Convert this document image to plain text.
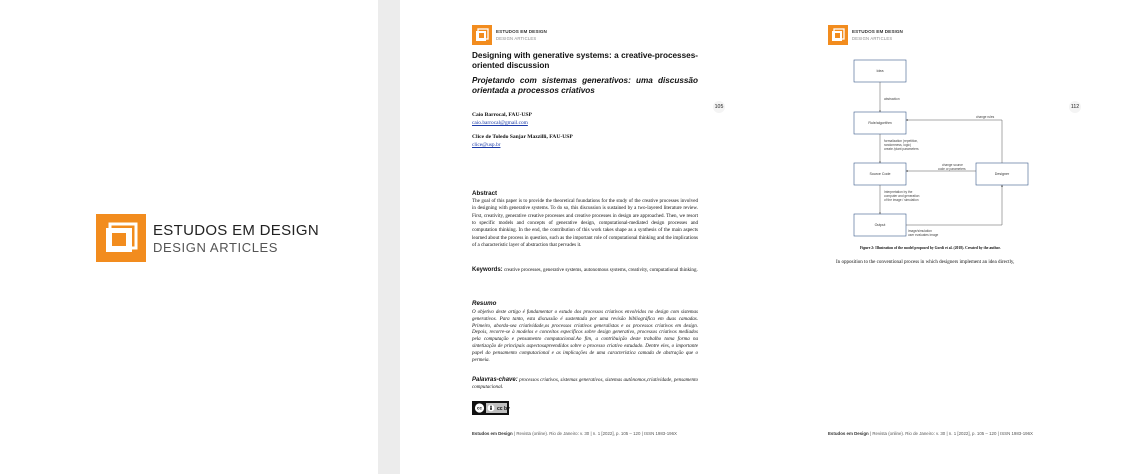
ESTUDOS EM DESIGN
DESIGN ARTICLES
ESTUDOS EM DESIGN
DESIGN ARTICLES
Designing with generative systems: a creative-processes-oriented discussion
Projetando com sistemas generativos: uma discussão orientada a processos criativos
Caio Barrocal, FAU-USP
caio.barrocal@gmail.com
Clice de Toledo Sanjar Mazzilli, FAU-USP
clice@usp.br
105
Abstract
The goal of this paper is to provide the theoretical foundations for the study of the creative processes involved in designing with generative systems. To do so, this discussion is sustained by a two-layered literature review. First, creativity, generative creative processes and creative processes in design are approached. Then, we resort to specific models and concepts of generative design, computational-mediated design processes and computation thinking. In the end, the contribution of this work takes shape as a synthesis of the main aspects learned about the process in question, such as the important role of computational thinking and the implications of a characteristic layer of abstraction that pervades it.
Keywords: creative processes, generative systems, autonomous systems, creativity, computational thinking.
Resumo
O objetivo deste artigo é fundamentar o estudo dos processos criativos envolvidos no design com sistemas generativos. Para tanto, esta discussão é sustentada por uma revisão bibliográfica em duas camadas. Primeiro, aborda-sea criatividade,os processos criativos generalistas e os processos criativos em design. Depois, recorre-se à modelos e conceitos específicos sobre design generativo, processos criativos mediados pela computação e pensamento computacional.Ao fim, a contribuição deste trabalho toma forma na sintetização de principais aspectosapreendidos sobre o processo criativo estudado. Dentre eles, o importante papel do pensamento computacional e as implicações de uma característica camada de abstração que o permeia.
Palavras-chave: processos criativos, sistemas generativos, sistemas autônomos,criatividade, pensamento computacional.
cc	cc by
Estudos em Design | Revista (online). Rio de Janeiro: v. 30 | n. 1 [2022], p. 105 – 120 | ISSN 1983-196X
ESTUDOS EM DESIGN
DESIGN ARTICLES
112
Idea
Rule/algorithm
Source Code
Output
Designer
abstraction
formalization (repetition,
randomness, logic)
create /plant parameters
Interpretation by the
computer and generation
of the image / simulation
image/simulation
user evaluates image
change rules
change source
code or parameters
Figure 2: Illustration of the model proposed by Gordi et al. (2018). Created by the author.
In opposition to the conventional process in which designers implement an idea directly,
Estudos em Design | Revista (online). Rio de Janeiro: v. 30 | n. 1 [2022], p. 105 – 120 | ISSN 1983-196X
